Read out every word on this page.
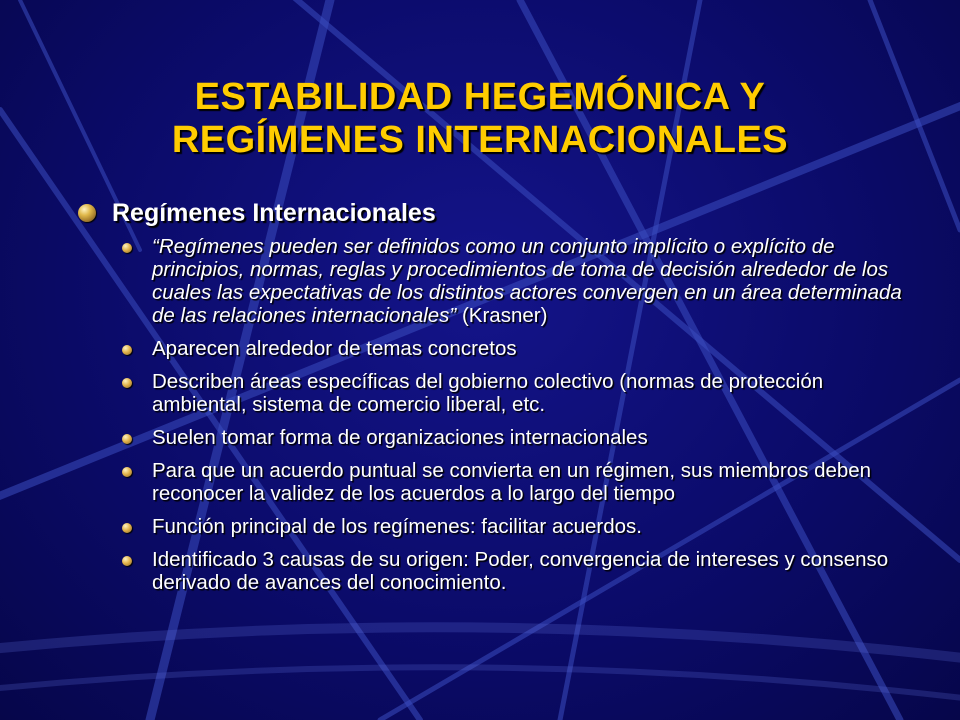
ESTABILIDAD HEGEMÓNICA Y REGÍMENES INTERNACIONALES
Regímenes Internacionales
“Regímenes pueden ser definidos como un conjunto implícito o explícito de principios, normas, reglas y procedimientos de toma de decisión alrededor de los cuales las expectativas de los distintos actores convergen en un área determinada de las relaciones internacionales” (Krasner)
Aparecen alrededor de temas concretos
Describen áreas específicas del gobierno colectivo (normas de protección ambiental, sistema de comercio liberal, etc.
Suelen tomar forma de organizaciones internacionales
Para que un acuerdo puntual se convierta en un régimen, sus miembros deben reconocer la validez de los acuerdos a lo largo del tiempo
Función principal de los regímenes: facilitar acuerdos.
Identificado 3 causas de su origen: Poder, convergencia de intereses y consenso derivado de avances del conocimiento.
